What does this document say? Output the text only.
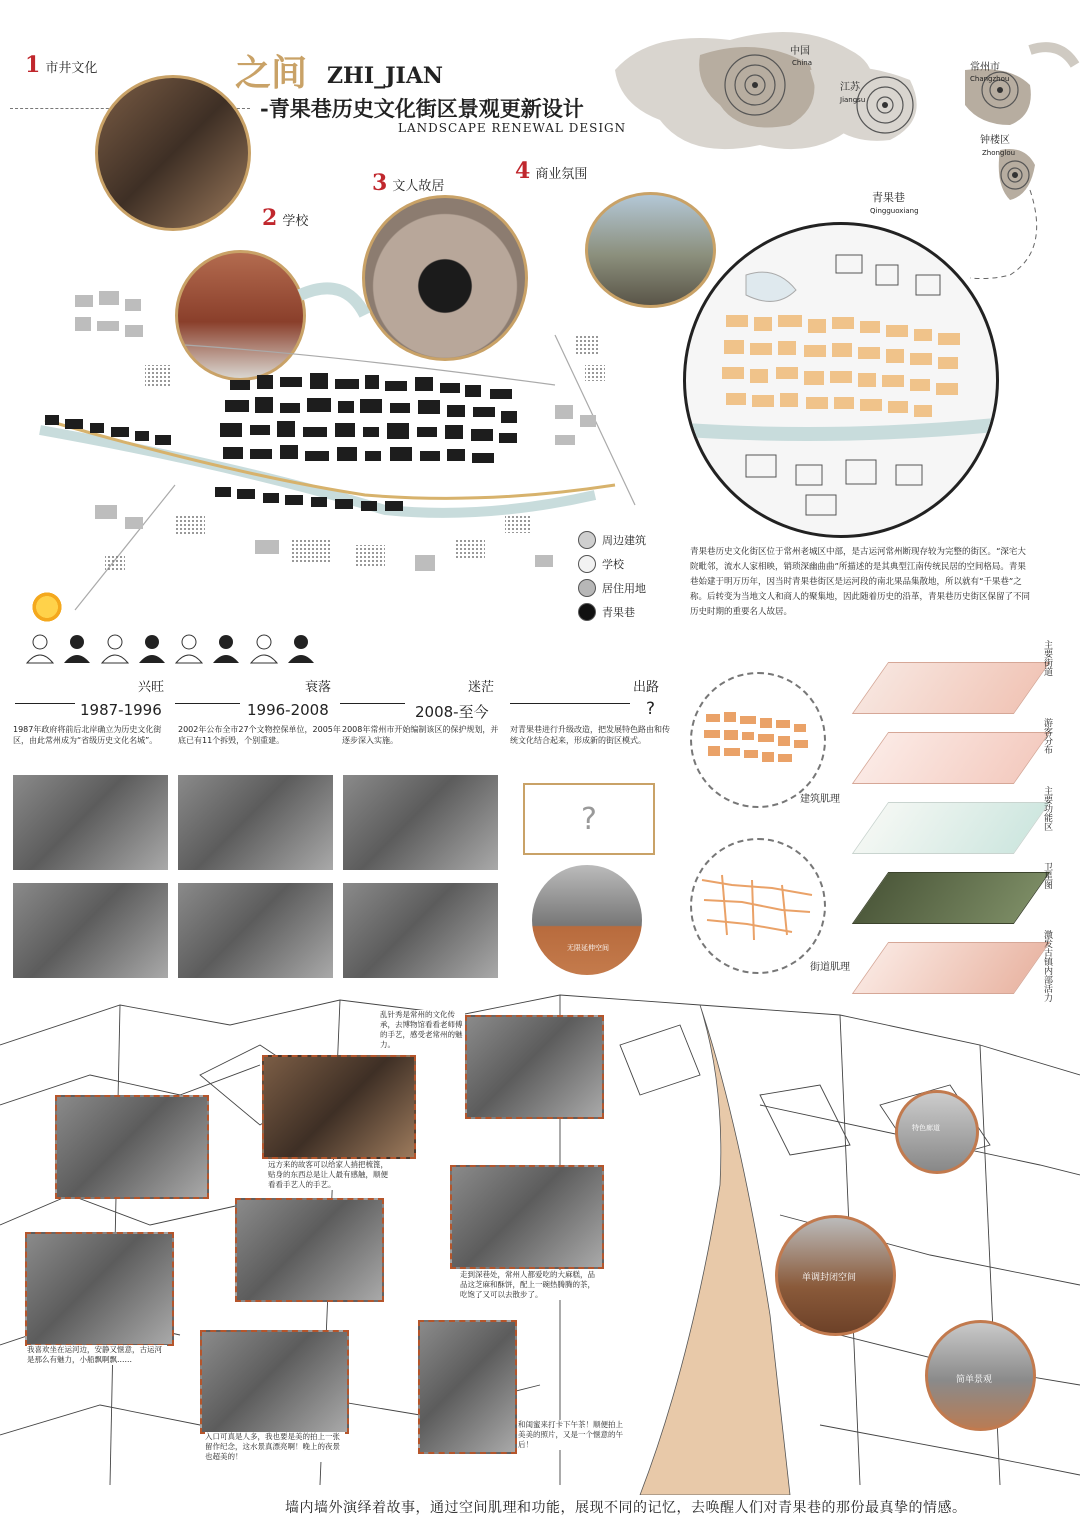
之间 ZHI_JIAN
-青果巷历史文化街区景观更新设计
LANDSCAPE RENEWAL DESIGN
中国
China
江苏
Jiangsu
常州市
Changzhou
钟楼区
Zhonglou
青果巷
Qingguoxiang
1 市井文化
2 学校
3 文人故居
4 商业氛围
周边建筑
学校
居住用地
青果巷
青果巷历史文化街区位于常州老城区中部，是古运河常州断现存较为完整的街区。“深宅大院毗邻，流水人家相映，销琐深幽曲曲”所描述的是其典型江南传统民居的空间格局。青果巷始建于明万历年，因当时青果巷街区是运河段的南北果品集散地，所以就有“千果巷”之称。后转变为当地文人和商人的聚集地，因此随着历史的沿革，青果巷历史街区保留了不同历史时期的重要名人故居。
兴旺
1987-1996
1987年政府将前后北岸确立为历史文化街区，由此常州成为“省级历史文化名城”。
衰落
1996-2008
2002年公布全市27个文物控保单位，2005年底已有11个拆毁，个别重建。
迷茫
2008-至今
2008年常州市开始编制该区的保护规划，并逐步深入实施。
出路
?
对青果巷进行升级改造，把发展特色路由和传统文化结合起来，形成新的街区模式。
?
无限延伸空间
建筑肌理
街道肌理
主要街道
游客分布
主要功能区
卫星图
激发古镇内部活力
乱针秀是常州的文化传承，去博物馆看看老师傅的手艺，感受老常州的魅力。
远方来的故客可以给家人捎把梳篦，贴身的东西总是让人最有感触，顺便看看手艺人的手艺。
走到深巷处，常州人都爱吃的大麻糕，品品这芝麻和酥饼，配上一碗热腾腾的茶，吃饱了又可以去散步了。
我喜欢坐在运河边，安静又惬意，古运河是那么有魅力，小船飘啊飘……
入口可真是人多，我也要是美的拍上一张留作纪念，这水景真漂亮啊！晚上的夜景也超美的！
和闺蜜来打卡下午茶！顺便拍上美美的照片，又是一个惬意的午后！
特色廊道
单调封闭空间
简单景观
墙内墙外演绎着故事，通过空间肌理和功能，展现不同的记忆，去唤醒人们对青果巷的那份最真挚的情感。
